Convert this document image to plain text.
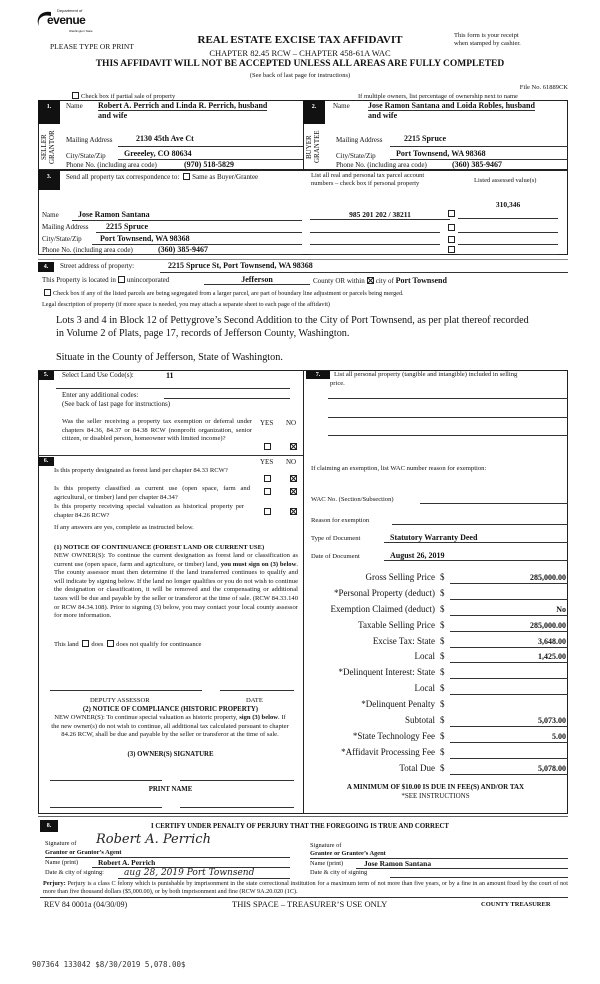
Department of
evenue
Washington State
PLEASE TYPE OR PRINT
REAL ESTATE EXCISE TAX AFFIDAVIT
CHAPTER 82.45 RCW – CHAPTER 458-61A WAC
THIS AFFIDAVIT WILL NOT BE ACCEPTED UNLESS ALL AREAS ARE FULLY COMPLETED
(See back of last page for instructions)
This form is your receipt
when stamped by cashier.
File No. 61889CK
Check box if partial sale of property	If multiple owners, list percentage of ownership next to name
1.	2.
SELLER
GRANTOR	BUYER
GRANTEE
Name Robert A. Perrich and Linda R. Perrich, husband
and wife
Mailing Address	2130 45th Ave Ct
City/State/Zip Greeeley, CO 80634
Phone No. (including area code)	(970) 518-5829
Name Jose Ramon Santana and Loida Robles, husband
and wife
Mailing Address	2215 Spruce
City/State/Zip	Port Townsend, WA 98368
Phone No. (including area code)	(360) 385-9467
3.	Send all property tax correspondence to: Same as Buyer/Grantee
Name Jose Ramon Santana
Mailing Address 2215 Spruce
City/State/Zip Port Townsend, WA 98368
Phone No. (including area code)	(360) 385-9467
List all real and personal tax parcel account
numbers – check box if personal property	Listed assessed value(s)
985 201 202 / 38211
310,346
4.	Street address of property:	2215 Spruce St, Port Townsend, WA 98368
This Property is located in unincorporated	Jefferson	County OR within city of Port Townsend
Check box if any of the listed parcels are being segregated from a larger parcel, are part of boundary line adjustment or parcels being merged.
Legal description of property (if more space is needed, you may attach a separate sheet to each page of the affidavit)
Lots 3 and 4 in Block 12 of Pettygrove’s Second Addition to the City of Port Townsend, as per plat thereof recorded
in Volume 2 of Plats, page 17, records of Jefferson County, Washington.
Situate in the County of Jefferson, State of Washington.
5.	Select Land Use Code(s):	11
Enter any additional codes:
(See back of last page for instructions)
YES NO
Was the seller receiving a property tax exemption or deferral under chapters 84.36, 84.37 or 84.38 RCW (nonprofit organization, senior citizen, or disabled person, homeowner with limited income)?
6.	YES NO
Is this property designated as forest land per chapter 84.33 RCW?
Is this property classified as current use (open space, farm and agricultural, or timber) land per chapter 84.34?
Is this property receiving special valuation as historical property per chapter 84.26 RCW?
If any answers are yes, complete as instructed below.
(1) NOTICE OF CONTINUANCE (FOREST LAND OR CURRENT USE)
NEW OWNER(S): To continue the current designation as forest land or classification as current use (open space, farm and agriculture, or timber) land, you must sign on (3) below. The county assessor must then determine if the land transferred continues to qualify and will indicate by signing below. If the land no longer qualifies or you do not wish to continue the designation or classification, it will be removed and the compensating or additional taxes will be due and payable by the seller or transferor at the time of sale. (RCW 84.33.140 or RCW 84.34.108). Prior to signing (3) below, you may contact your local county assessor for more information.
This land does does not qualify for continuance
DEPUTY ASSESSOR	DATE
(2) NOTICE OF COMPLIANCE (HISTORIC PROPERTY)
NEW OWNER(S): To continue special valuation as historic property, sign (3) below. If the new owner(s) do not wish to continue, all additional tax calculated pursuant to chapter 84.26 RCW, shall be due and payable by the seller or transferor at the time of sale.
(3) OWNER(S) SIGNATURE
PRINT NAME
7.	List all personal property (tangible and intangible) included in selling
price.
If claiming an exemption, list WAC number reason for exemption:
WAC No. (Section/Subsection)
Reason for exemption
Type of Document	Statutory Warranty Deed
Date of Document	August 26, 2019
Gross Selling Price $	285,000.00
*Personal Property (deduct) $
Exemption Claimed (deduct) $	No
Taxable Selling Price $	285,000.00
Excise Tax: State $	3,648.00
Local $	1,425.00
*Delinquent Interest: State $
Local $
*Delinquent Penalty $
Subtotal $	5,073.00
*State Technology Fee $	5.00
*Affidavit Processing Fee $
Total Due $	5,078.00
A MINIMUM OF $10.00 IS DUE IN FEE(S) AND/OR TAX
*SEE INSTRUCTIONS
8.	I CERTIFY UNDER PENALTY OF PERJURY THAT THE FOREGOING IS TRUE AND CORRECT
Signature of Robert A. Perrich
Grantor or Grantor’s Agent
Name (print)	Robert A. Perrich
Date & city of signing: aug 28, 2019 Port Townsend
Signature of
Grantee or Grantee’s Agent
Name (print)	Jose Ramon Santana
Date & city of signing
Perjury: Perjury is a class C felony which is punishable by imprisonment in the state correctional institution for a maximum term of not more than five years, or by a fine in an amount fixed by the court of not more than five thousand dollars ($5,000.00), or by both imprisonment and fine (RCW 9A.20.020 (1C).
REV 84 0001a (04/30/09)	THIS SPACE – TREASURER’S USE ONLY	COUNTY TREASURER
907364 133042 $8/30/2019 5,078.00$
